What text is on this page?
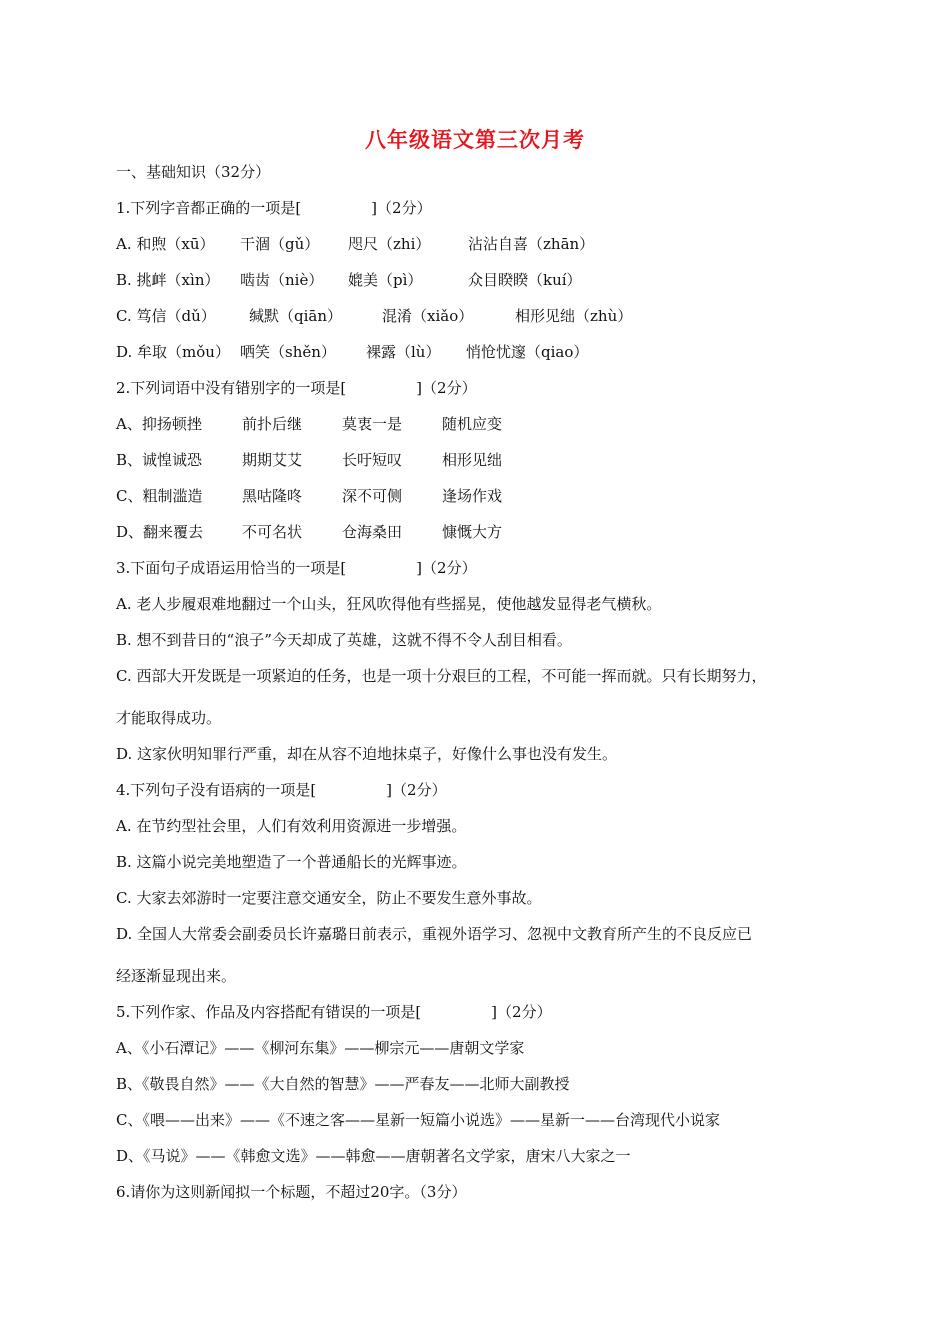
八年级语文第三次月考
一、基础知识（32分）
1.下列字音都正确的一项是[	]（2分）
A. 和煦（xū） 干涸（gǔ） 咫尺（zhi）	沾沾自喜（zhān）
B. 挑衅（xìn） 啮齿（niè） 媲美（pì）	众目睽睽（kuí）
C. 笃信（dǔ） 缄默（qiān）	混淆（xiǎo）	相形见绌（zhù）
D. 牟取（mǒu） 哂笑（shěn） 裸露（lù） 悄怆忧邃（qiao）
2.下列词语中没有错别字的一项是[	]（2分）
A、抑扬顿挫	前扑后继	莫衷一是	随机应变
B、诚惶诚恐	期期艾艾	长吁短叹	相形见绌
C、粗制滥造	黑咕隆咚	深不可侧	逢场作戏
D、翻来覆去	不可名状	仓海桑田	慷慨大方
3.下面句子成语运用恰当的一项是[	]（2分）
A. 老人步履艰难地翻过一个山头，狂风吹得他有些摇晃，使他越发显得老气横秋。
B. 想不到昔日的“浪子”今天却成了英雄，这就不得不令人刮目相看。
C. 西部大开发既是一项紧迫的任务，也是一项十分艰巨的工程，不可能一挥而就。只有长期努力，
才能取得成功。
D. 这家伙明知罪行严重，却在从容不迫地抹桌子，好像什么事也没有发生。
4.下列句子没有语病的一项是[	]（2分）
A. 在节约型社会里，人们有效利用资源进一步增强。
B. 这篇小说完美地塑造了一个普通船长的光辉事迹。
C. 大家去郊游时一定要注意交通安全，防止不要发生意外事故。
D. 全国人大常委会副委员长许嘉璐日前表示，重视外语学习、忽视中文教育所产生的不良反应已
经逐渐显现出来。
5.下列作家、作品及内容搭配有错误的一项是[	]（2分）
A、《小石潭记》——《柳河东集》——柳宗元——唐朝文学家
B、《敬畏自然》——《大自然的智慧》——严春友——北师大副教授
C、《喂——出来》——《不速之客——星新一短篇小说选》——星新一——台湾现代小说家
D、《马说》——《韩愈文选》——韩愈——唐朝著名文学家，唐宋八大家之一
6.请你为这则新闻拟一个标题，不超过20字。（3分）
